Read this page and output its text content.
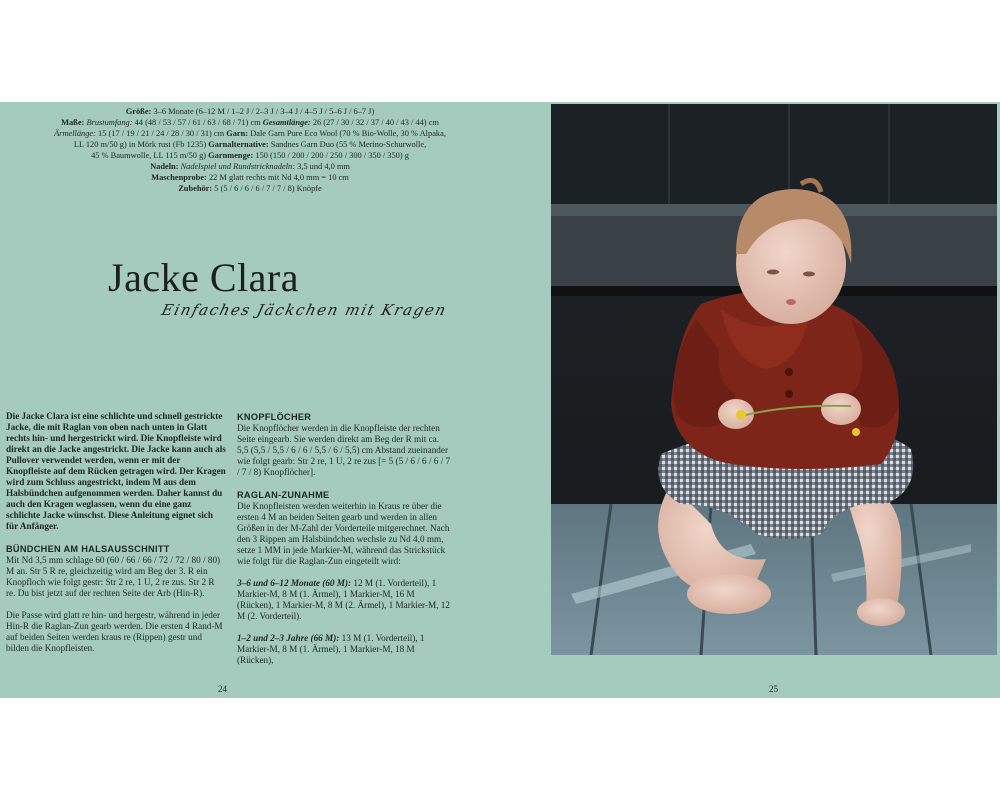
Größe: 3–6 Monate (6–12 M / 1–2 J / 2–3 J / 3–4 J / 4–5 J / 5–6 J / 6–7 J)
Maße: Brustumfang: 44 (48 / 53 / 57 / 61 / 63 / 68 / 71) cm Gesamtlänge: 26 (27 / 30 / 32 / 37 / 40 / 43 / 44) cm
Ärmellänge: 15 (17 / 19 / 21 / 24 / 28 / 30 / 31) cm Garn: Dale Garn Pure Eco Wool (70 % Bio-Wolle, 30 % Alpaka,
LL 120 m/50 g) in Mörk rust (Fb 1235) Garnalternative: Sandnes Garn Duo (55 % Merino-Schurwolle,
45 % Baumwolle, LL 115 m/50 g) Garnmenge: 150 (150 / 200 / 200 / 250 / 300 / 350 / 350) g
Nadeln: Nadelspiel und Rundstricknadeln: 3,5 und 4,0 mm
Maschenprobe: 22 M glatt rechts mit Nd 4,0 mm = 10 cm
Zubehör: 5 (5 / 6 / 6 / 6 / 7 / 7 / 8) Knöpfe
Jacke Clara
Einfaches Jäckchen mit Kragen

Die Jacke Clara ist eine schlichte und schnell gestrickte Jacke, die mit Raglan von oben nach unten in Glatt rechts hin- und hergestrickt wird. Die Knopfleiste wird direkt an die Jacke angestrickt. Die Jacke kann auch als Pullover verwendet werden, wenn er mit der Knopfleiste auf dem Rücken getragen wird. Der Kragen wird zum Schluss angestrickt, indem M aus dem Halsbündchen aufgenommen werden. Daher kannst du auch den Kragen weglassen, wenn du eine ganz schlichte Jacke wünschst. Diese Anleitung eignet sich für Anfänger.

BÜNDCHEN AM HALSAUSSCHNITT

Mit Nd 3,5 mm schlage 60 (60 / 66 / 66 / 72 / 72 / 80 / 80) M an. Str 5 R re, gleichzeitig wird am Beg der 3. R ein Knopfloch wie folgt gestr: Str 2 re, 1 U, 2 re zus. Str 2 R re. Du bist jetzt auf der rechten Seite der Arb (Hin-R).

Die Passe wird glatt re hin- und hergestr, während in jeder Hin-R die Raglan-Zun gearb werden. Die ersten 4 Rand-M auf beiden Seiten werden kraus re (Rippen) gestr und bilden die Knopfleisten.

KNOPFLÖCHER

Die Knopflöcher werden in die Knopfleiste der rechten Seite eingearb. Sie werden direkt am Beg der R mit ca. 5,5 (5,5 / 5,5 / 6 / 6 / 5,5 / 6 / 5,5) cm Abstand zueinander wie folgt gearb: Str 2 re, 1 U, 2 re zus [= 5 (5 / 6 / 6 / 6 / 7 / 7 / 8) Knopflöcher].

RAGLAN-ZUNAHME

Die Knopfleisten werden weiterhin in Kraus re über die ersten 4 M an beiden Seiten gearb und werden in allen Größen in der M-Zahl der Vorderteile mitgerechnet. Nach den 3 Rippen am Halsbündchen wechsle zu Nd 4,0 mm, setze 1 MM in jede Markier-M, während das Strickstück wie folgt für die Raglan-Zun eingeteilt wird:

3–6 und 6–12 Monate (60 M): 12 M (1. Vorderteil), 1 Markier-M, 8 M (1. Ärmel), 1 Markier-M, 16 M (Rücken), 1 Markier-M, 8 M (2. Ärmel), 1 Markier-M, 12 M (2. Vorderteil).

1–2 und 2–3 Jahre (66 M): 13 M (1. Vorderteil), 1 Markier-M, 8 M (1. Ärmel), 1 Markier-M, 18 M (Rücken),

24	25
